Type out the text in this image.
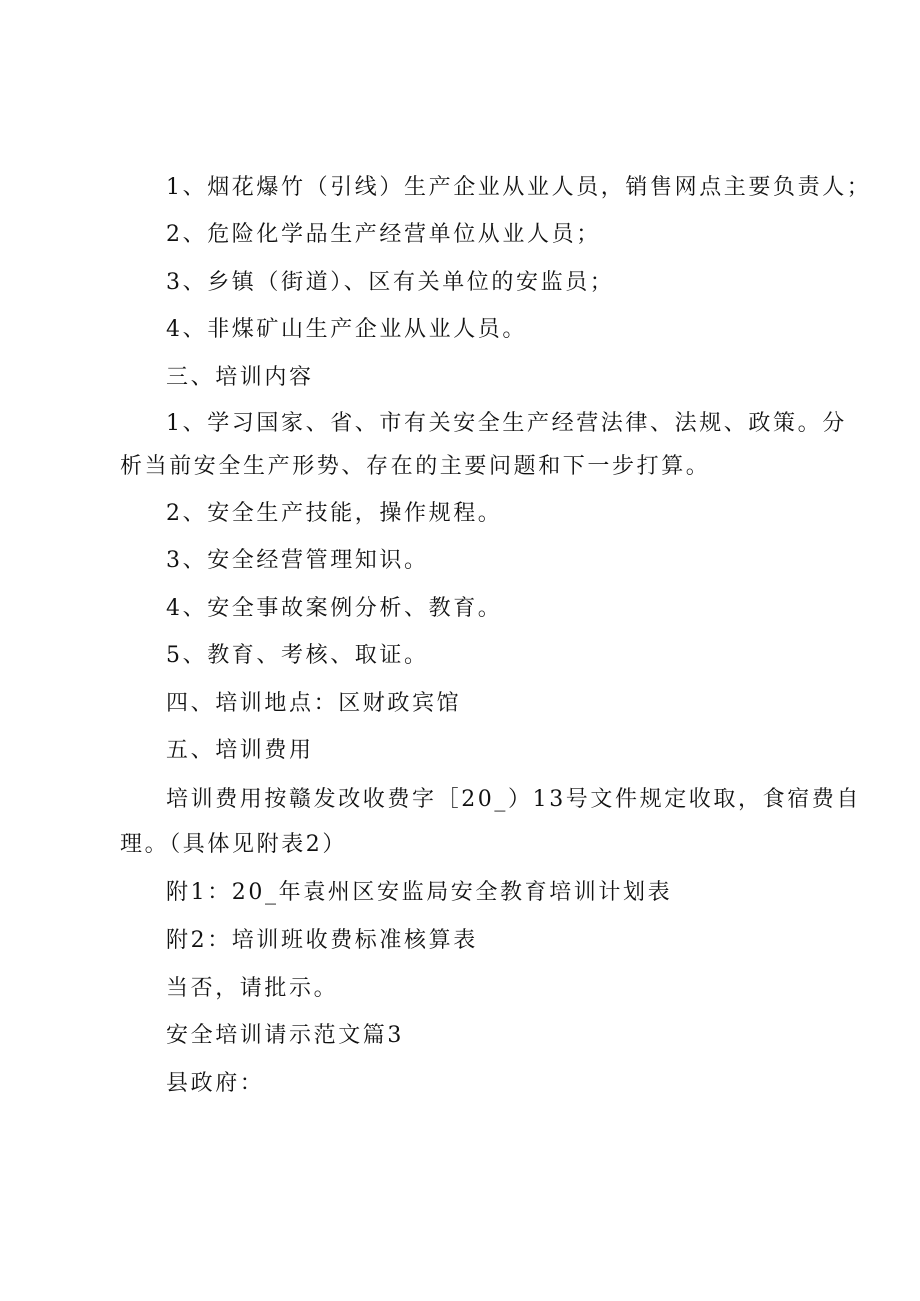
1、烟花爆竹（引线）生产企业从业人员，销售网点主要负责人；

2、危险化学品生产经营单位从业人员；

3、乡镇（街道）、区有关单位的安监员；

4、非煤矿山生产企业从业人员。

三、培训内容

1、学习国家、省、市有关安全生产经营法律、法规、政策。分

析当前安全生产形势、存在的主要问题和下一步打算。

2、安全生产技能，操作规程。

3、安全经营管理知识。

4、安全事故案例分析、教育。

5、教育、考核、取证。

四、培训地点：区财政宾馆

五、培训费用

培训费用按赣发改收费字［20_）13号文件规定收取，食宿费自

理。（具体见附表2）

附1：20_年袁州区安监局安全教育培训计划表

附2：培训班收费标准核算表

当否，请批示。

安全培训请示范文篇3

县政府：
